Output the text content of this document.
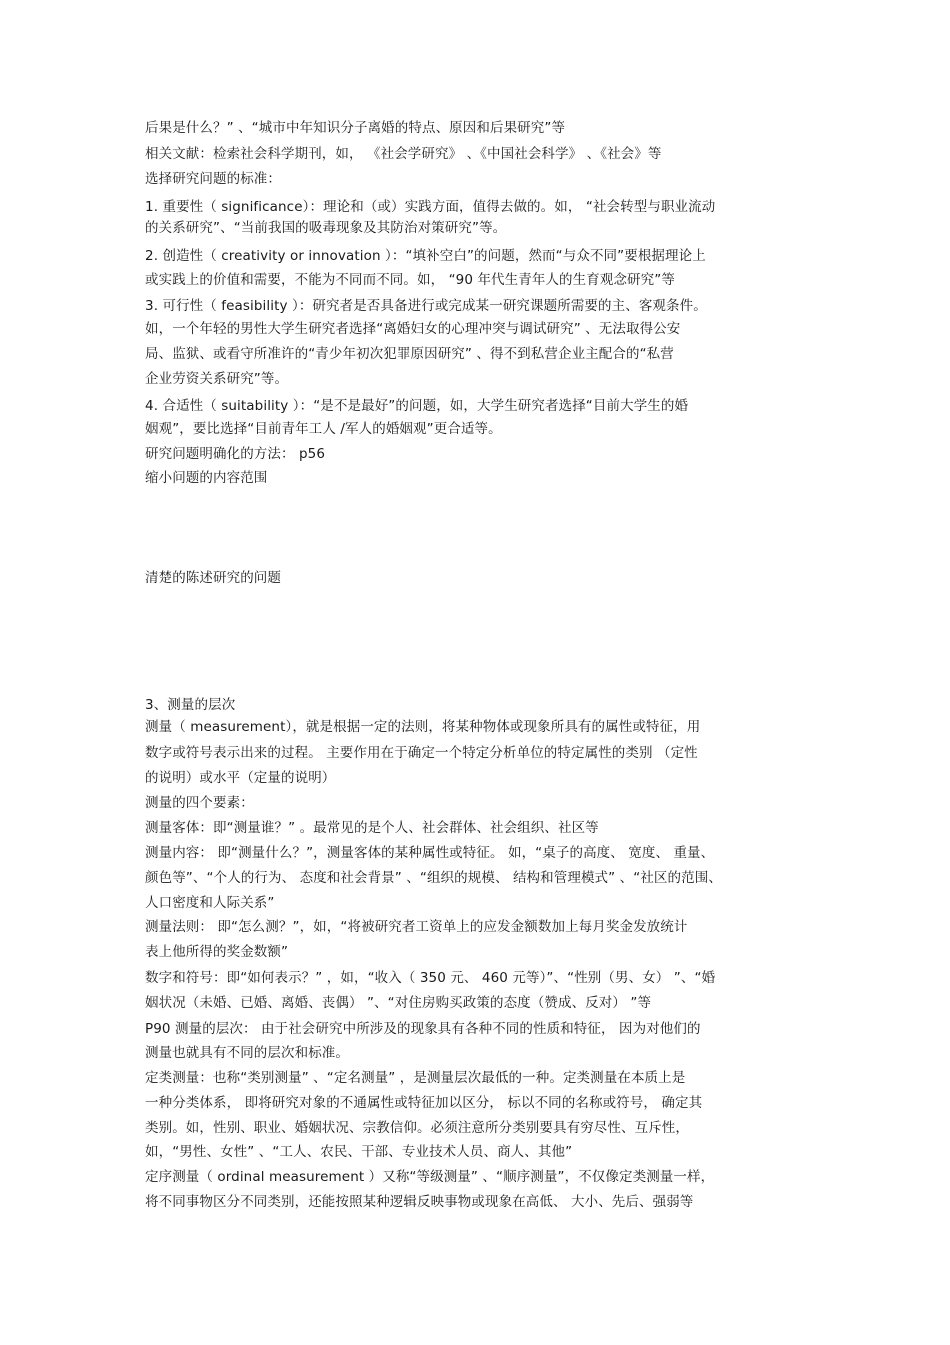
后果是什么？” 、“城市中年知识分子离婚的特点、原因和后果研究”等
相关文献：检索社会科学期刊，如， 《社会学研究》 、《中国社会科学》 、《社会》等
选择研究问题的标准：
1. 重要性（ significance）：理论和（或）实践方面，值得去做的。如， “社会转型与职业流动
的关系研究”、“当前我国的吸毒现象及其防治对策研究”等。
2. 创造性（ creativity or innovation ）：“填补空白”的问题，然而“与众不同”要根据理论上
或实践上的价值和需要，不能为不同而不同。如， “90 年代生青年人的生育观念研究”等
3. 可行性（ feasibility ）：研究者是否具备进行或完成某一研究课题所需要的主、客观条件。
如，一个年轻的男性大学生研究者选择“离婚妇女的心理冲突与调试研究” 、无法取得公安
局、监狱、或看守所准许的“青少年初次犯罪原因研究” 、得不到私营企业主配合的“私营
企业劳资关系研究”等。
4. 合适性（ suitability ）：“是不是最好”的问题，如，大学生研究者选择“目前大学生的婚
姻观”，要比选择“目前青年工人 /军人的婚姻观”更合适等。
研究问题明确化的方法： p56
缩小问题的内容范围
清楚的陈述研究的问题
3、测量的层次
测量（ measurement），就是根据一定的法则，将某种物体或现象所具有的属性或特征，用
数字或符号表示出来的过程。 主要作用在于确定一个特定分析单位的特定属性的类别 （定性
的说明）或水平（定量的说明）
测量的四个要素：
测量客体：即“测量谁？” 。最常见的是个人、社会群体、社会组织、社区等
测量内容： 即“测量什么？”，测量客体的某种属性或特征。 如，“桌子的高度、 宽度、 重量、
颜色等”、“个人的行为、 态度和社会背景” 、“组织的规模、 结构和管理模式” 、“社区的范围、
人口密度和人际关系”
测量法则： 即“怎么测？”，如，“将被研究者工资单上的应发金额数加上每月奖金发放统计
表上他所得的奖金数额”
数字和符号：即“如何表示？” ，如，“收入（ 350 元、 460 元等）”、“性别（男、女） ”、“婚
姻状况（未婚、已婚、离婚、丧偶） ”、“对住房购买政策的态度（赞成、反对） ”等
P90 测量的层次： 由于社会研究中所涉及的现象具有各种不同的性质和特征， 因为对他们的
测量也就具有不同的层次和标准。
定类测量：也称“类别测量” 、“定名测量” ，是测量层次最低的一种。定类测量在本质上是
一种分类体系， 即将研究对象的不通属性或特征加以区分， 标以不同的名称或符号， 确定其
类别。如，性别、职业、婚姻状况、宗教信仰。必须注意所分类别要具有穷尽性、互斥性，
如，“男性、女性” 、“工人、农民、干部、专业技术人员、商人、其他”
定序测量（ ordinal measurement ）又称“等级测量” 、“顺序测量”，不仅像定类测量一样，
将不同事物区分不同类别，还能按照某种逻辑反映事物或现象在高低、 大小、先后、强弱等
